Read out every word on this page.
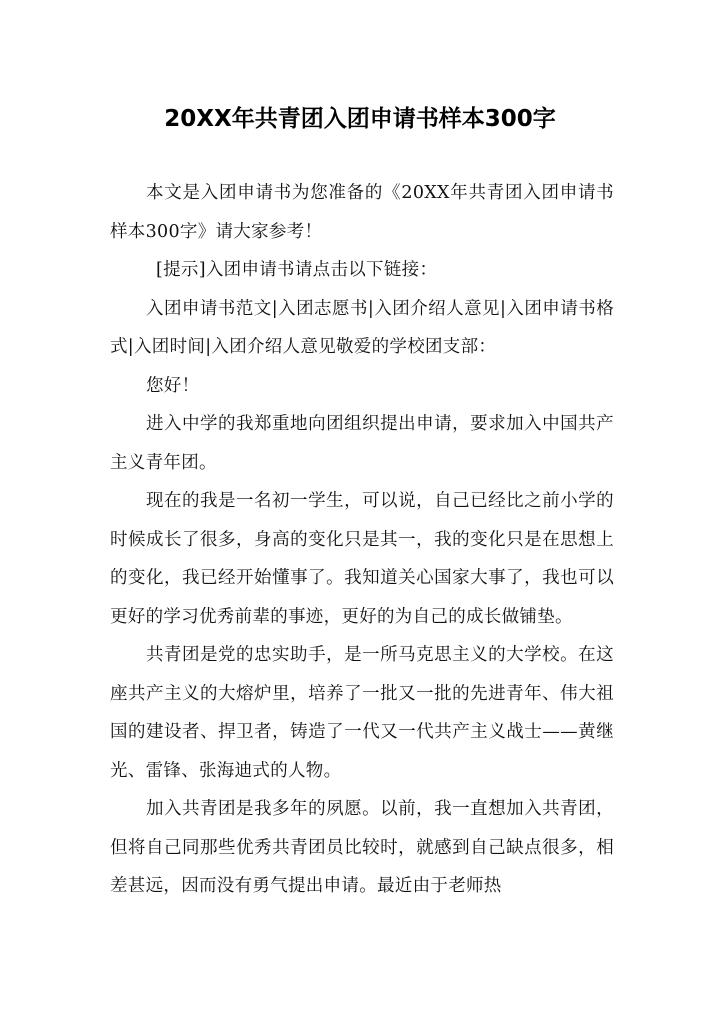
20XX年共青团入团申请书样本300字

本文是入团申请书为您准备的《20XX年共青团入团申请书样本300字》请大家参考！

[提示]入团申请书请点击以下链接：

入团申请书范文|入团志愿书|入团介绍人意见|入团申请书格式|入团时间|入团介绍人意见敬爱的学校团支部：

您好！

进入中学的我郑重地向团组织提出申请，要求加入中国共产主义青年团。

现在的我是一名初一学生，可以说，自己已经比之前小学的时候成长了很多，身高的变化只是其一，我的变化只是在思想上的变化，我已经开始懂事了。我知道关心国家大事了，我也可以更好的学习优秀前辈的事迹，更好的为自己的成长做铺垫。

共青团是党的忠实助手，是一所马克思主义的大学校。在这座共产主义的大熔炉里，培养了一批又一批的先进青年、伟大祖国的建设者、捍卫者，铸造了一代又一代共产主义战士——黄继光、雷锋、张海迪式的人物。

加入共青团是我多年的夙愿。以前，我一直想加入共青团，但将自己同那些优秀共青团员比较时，就感到自己缺点很多，相差甚远，因而没有勇气提出申请。最近由于老师热
